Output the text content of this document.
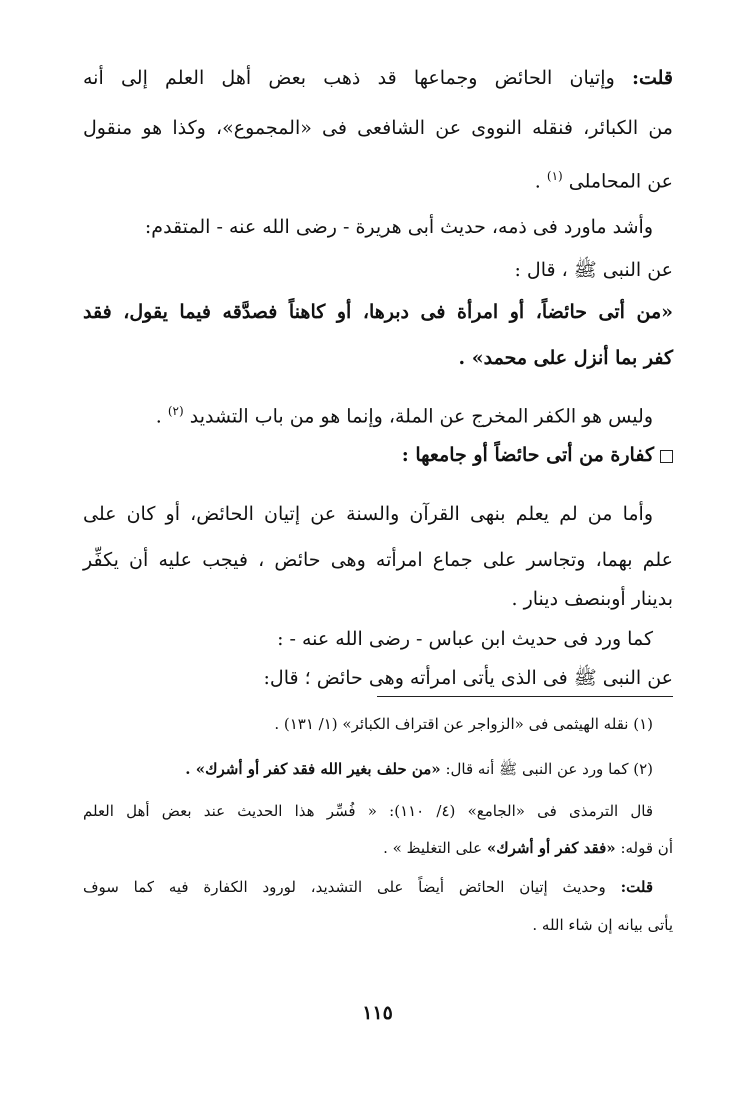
قلت: وإتيان الحائض وجماعها قد ذهب بعض أهل العلم إلى أنه
من الكبائر، فنقله النووى عن الشافعى فى «المجموع»، وكذا هو منقول
عن المحاملى $^{(١)}$ .
وأشد ماورد فى ذمه، حديث أبى هريرة - رضى الله عنه - المتقدم:
عن النبى ﷺ ، قال :
«من أتى حائضاً، أو امرأة فى دبرها، أو كاهناً فصدَّقه فيما يقول، فقد
كفر بما أنزل على محمد» .
وليس هو الكفر المخرج عن الملة، وإنما هو من باب التشديد $^{(٢)}$ .
كفارة من أتى حائضاً أو جامعها :
وأما من لم يعلم بنهى القرآن والسنة عن إتيان الحائض، أو كان على
علم بهما، وتجاسر على جماع امرأته وهى حائض ، فيجب عليه أن يكفِّر
بدينار أوبنصف دينار .
كما ورد فى حديث ابن عباس - رضى الله عنه - :
عن النبى ﷺ فى الذى يأتى امرأته وهى حائض ؛ قال:
(١) نقله الهيثمى فى «الزواجر عن اقتراف الكبائر» (١/ ١٣١) .
(٢) كما ورد عن النبى ﷺ أنه قال: «من حلف بغير الله فقد كفر أو أشرك» .
قال الترمذى فى «الجامع» (٤/ ١١٠): « فُسِّر هذا الحديث عند بعض أهل العلم
أن قوله: «فقد كفر أو أشرك» على التغليظ » .
قلت: وحديث إتيان الحائض أيضاً على التشديد، لورود الكفارة فيه كما سوف
يأتى بيانه إن شاء الله .
١١٥
